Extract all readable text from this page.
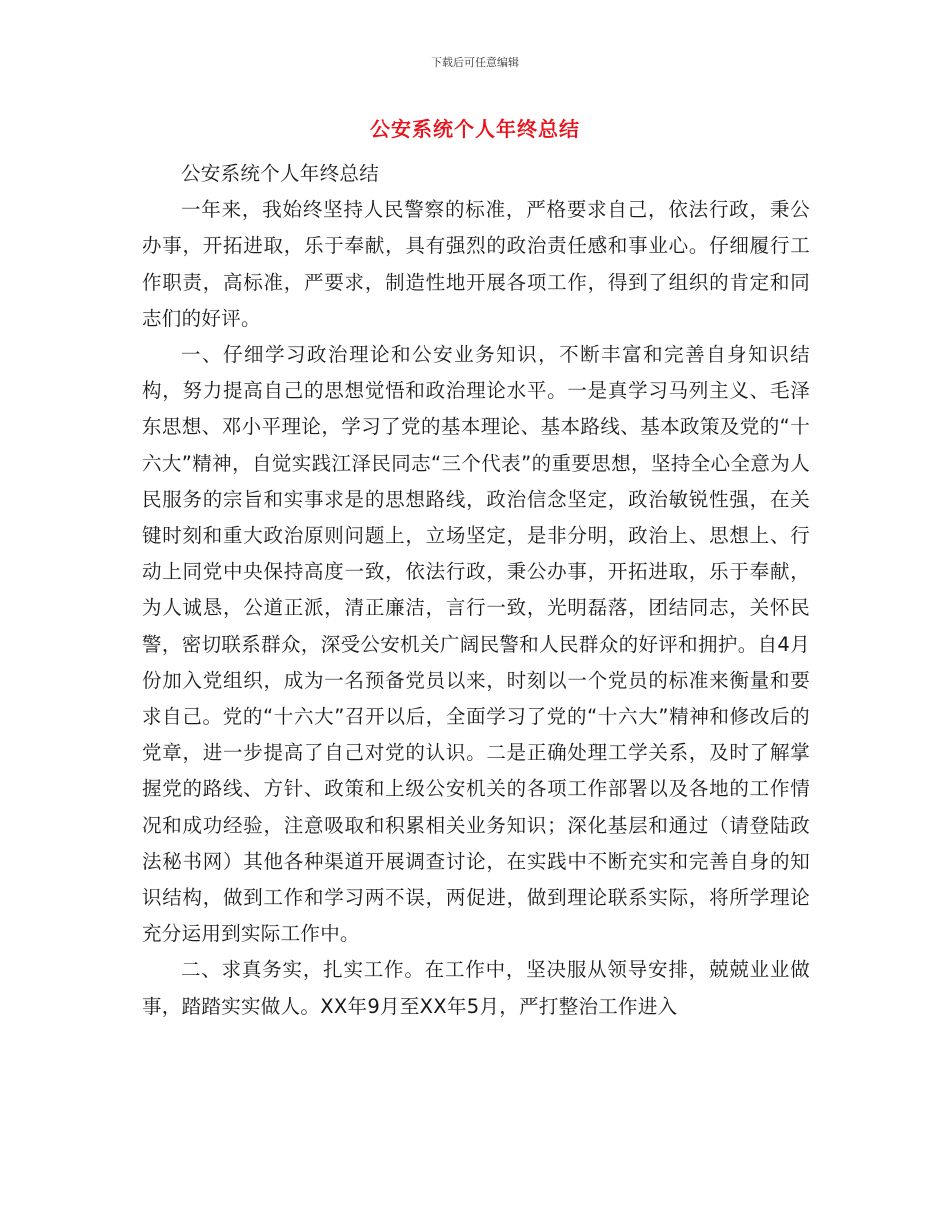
下载后可任意编辑
公安系统个人年终总结

公安系统个人年终总结

一年来，我始终坚持人民警察的标准，严格要求自己，依法行政，秉公办事，开拓进取，乐于奉献，具有强烈的政治责任感和事业心。仔细履行工作职责，高标准，严要求，制造性地开展各项工作，得到了组织的肯定和同志们的好评。

一、仔细学习政治理论和公安业务知识，不断丰富和完善自身知识结构，努力提高自己的思想觉悟和政治理论水平。一是真学习马列主义、毛泽东思想、邓小平理论，学习了党的基本理论、基本路线、基本政策及党的“十六大”精神，自觉实践江泽民同志“三个代表”的重要思想，坚持全心全意为人民服务的宗旨和实事求是的思想路线，政治信念坚定，政治敏锐性强，在关键时刻和重大政治原则问题上，立场坚定，是非分明，政治上、思想上、行动上同党中央保持高度一致，依法行政，秉公办事，开拓进取，乐于奉献，为人诚恳，公道正派，清正廉洁，言行一致，光明磊落，团结同志，关怀民警，密切联系群众，深受公安机关广阔民警和人民群众的好评和拥护。自4月份加入党组织，成为一名预备党员以来，时刻以一个党员的标准来衡量和要求自己。党的“十六大”召开以后，全面学习了党的“十六大”精神和修改后的党章，进一步提高了自己对党的认识。二是正确处理工学关系，及时了解掌握党的路线、方针、政策和上级公安机关的各项工作部署以及各地的工作情况和成功经验，注意吸取和积累相关业务知识；深化基层和通过（请登陆政法秘书网）其他各种渠道开展调查讨论，在实践中不断充实和完善自身的知识结构，做到工作和学习两不误，两促进，做到理论联系实际，将所学理论充分运用到实际工作中。

二、求真务实，扎实工作。在工作中，坚决服从领导安排，兢兢业业做事，踏踏实实做人。XX年9月至XX年5月，严打整治工作进入
